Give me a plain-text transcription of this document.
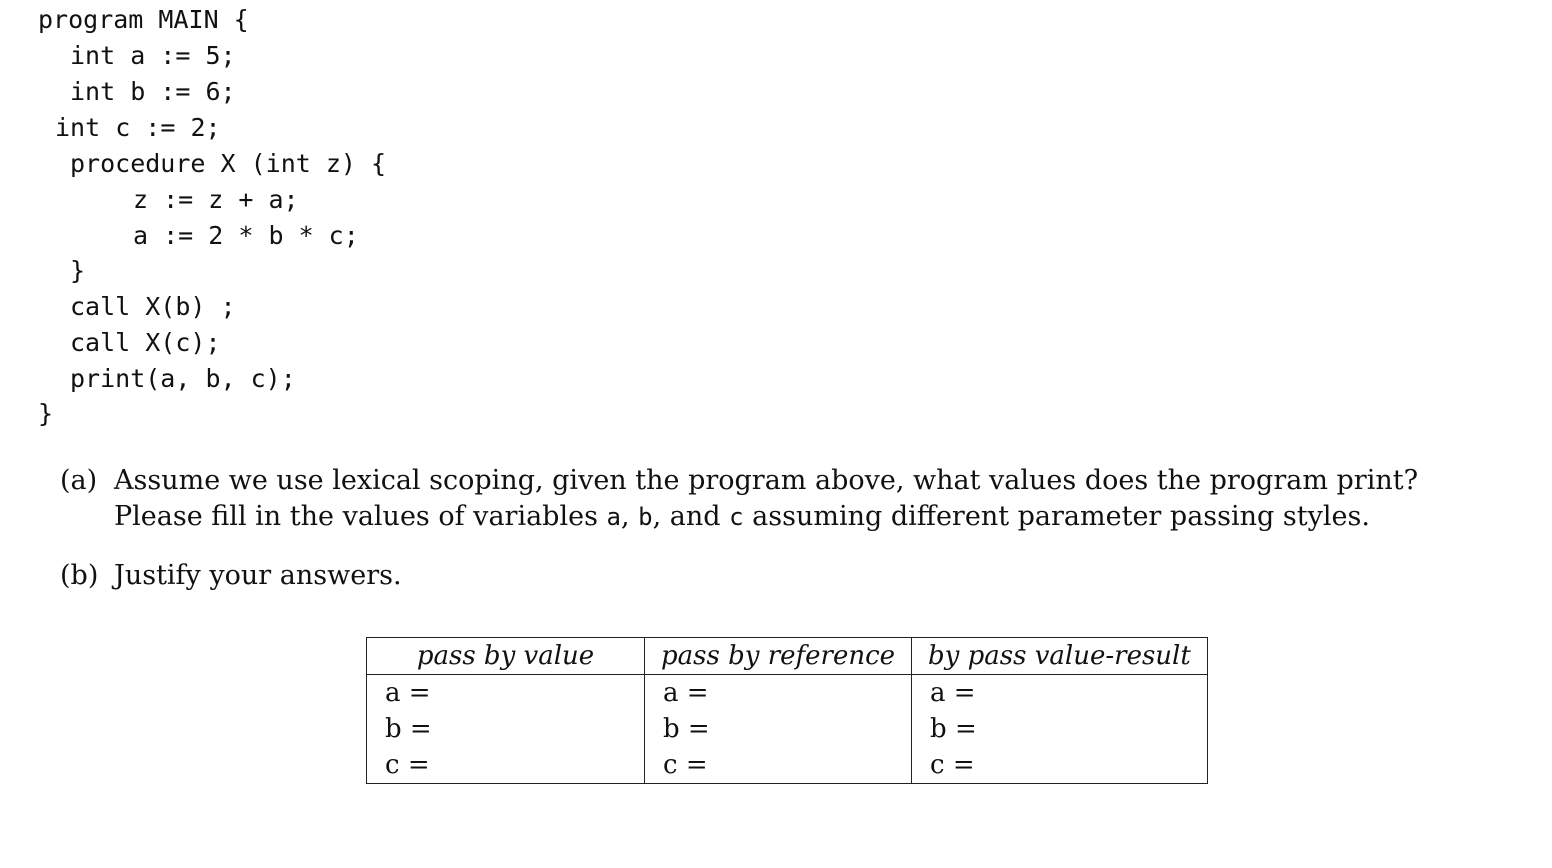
program MAIN {
int a := 5;
int b := 6;
int c := 2;
procedure X (int z) {
z := z + a;
a := 2 * b * c;
}
call X(b) ;
call X(c);
print(a, b, c);
}
(a) Assume we use lexical scoping, given the program above, what values does the program print? Please fill in the values of variables a, b, and c assuming different parameter passing styles.
(b) Justify your answers.
pass by value	pass by reference	by pass value-result
a =	a =	a =
b =	b =	b =
c =	c =	c =
